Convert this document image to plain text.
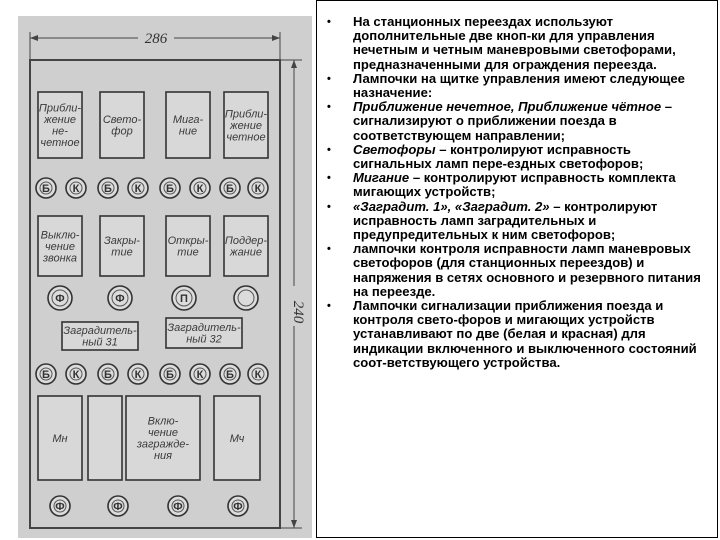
286
240
Прибли-жение не-четное
Свето-фор
Мига-ние
Прибли-жение четное
Б К Б К Б К Б К
Выклю-чение звонка
Закры-тие
Откры-тие
Поддер-жание
Ф	Ф	П
Заградитель-ный 31
Заградитель-ный 32
Б К Б К Б К Б К
Мн
Вклю-чение загражде-ния
Мч
Ф	Ф	Ф	Ф
• На станционных переездах используют дополнительные две кноп-ки для управления нечетным и четным маневровыми светофорами, предназначенными для ограждения переезда.
• Лампочки на щитке управления имеют следующее назначение:
• Приближение нечетное, Приближение чётное – сигнализируют о приближении поезда в соответствующем направлении;
• Светофоры – контролируют исправность сигнальных ламп пере-ездных светофоров;
• Мигание – контролируют исправность комплекта мигающих устройств;
• «Заградит. 1», «Заградит. 2» – контролируют исправность ламп заградительных и предупредительных к ним светофоров;
• лампочки контроля исправности ламп маневровых светофоров (для станционных переездов) и напряжения в сетях основного и резервного питания на переезде.
• Лампочки сигнализации приближения поезда и контроля свето-форов и мигающих устройств устанавливают по две (белая и красная) для индикации включенного и выключенного состояний соот-ветствующего устройства.
